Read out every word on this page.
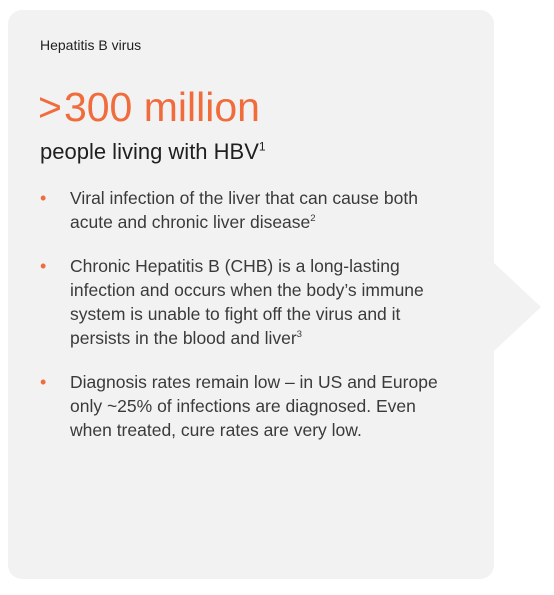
Hepatitis B virus

>300 million

people living with HBV$^1$

• Viral infection of the liver that can cause both acute and chronic liver disease$^2$
• Chronic Hepatitis B (CHB) is a long-lasting infection and occurs when the body’s immune system is unable to fight off the virus and it persists in the blood and liver$^3$
• Diagnosis rates remain low – in US and Europe only ~25% of infections are diagnosed. Even when treated, cure rates are very low.
